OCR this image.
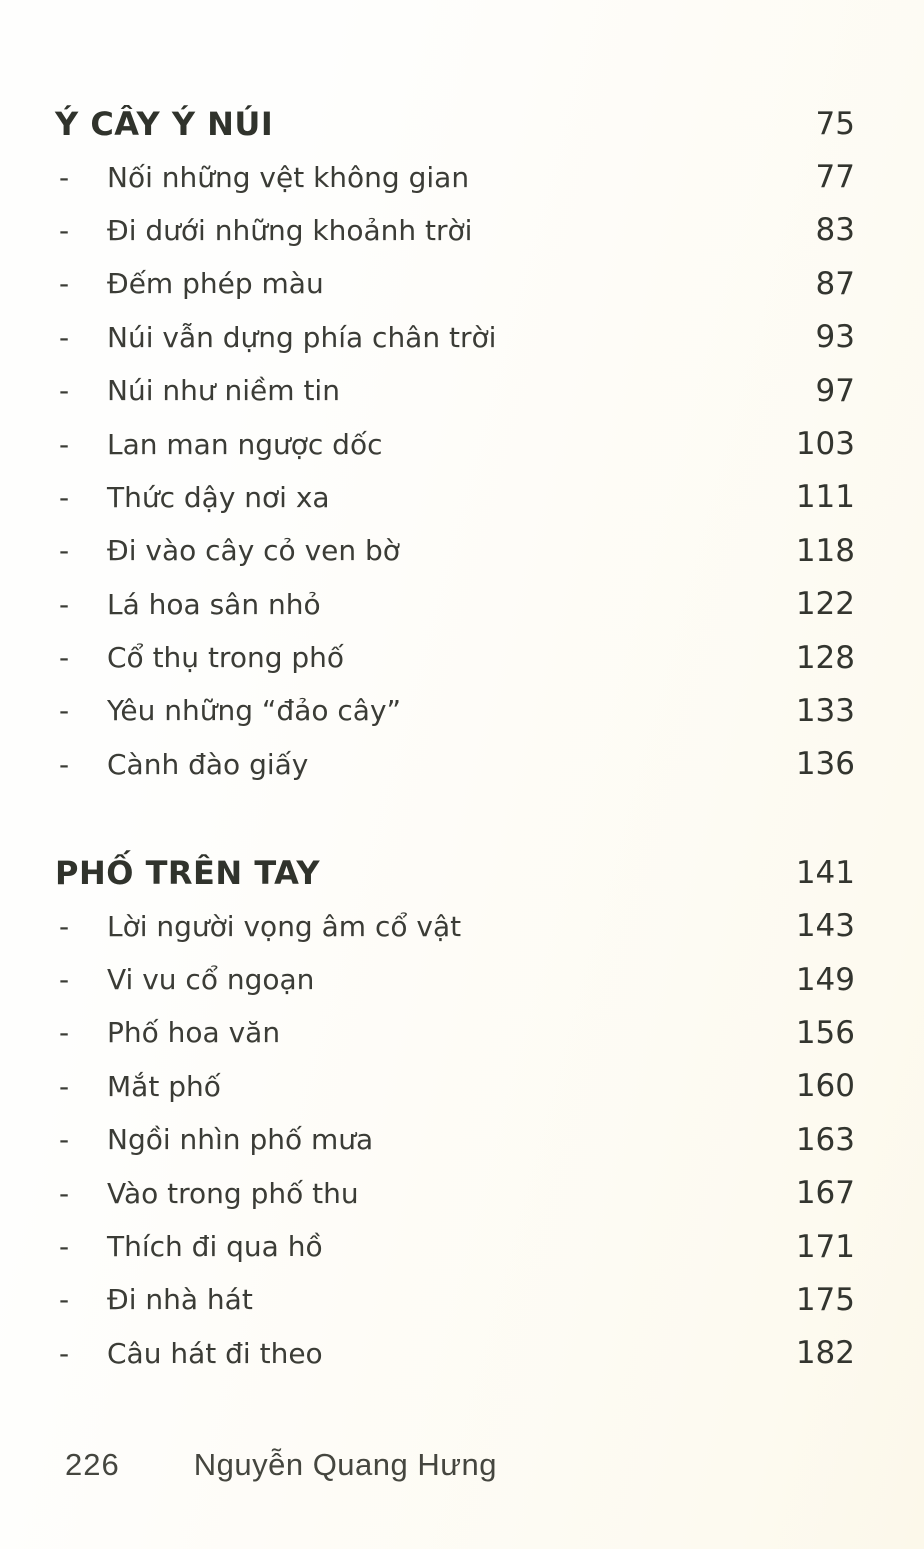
Ý CÂY Ý NÚI	75
-	Nối những vệt không gian	77
-	Đi dưới những khoảnh trời	83
-	Đếm phép màu	87
-	Núi vẫn dựng phía chân trời	93
-	Núi như niềm tin	97
-	Lan man ngược dốc	103
-	Thức dậy nơi xa	111
-	Đi vào cây cỏ ven bờ	118
-	Lá hoa sân nhỏ	122
-	Cổ thụ trong phố	128
-	Yêu những “đảo cây”	133
-	Cành đào giấy	136
PHỐ TRÊN TAY	141
-	Lời người vọng âm cổ vật	143
-	Vi vu cổ ngoạn	149
-	Phố hoa văn	156
-	Mắt phố	160
-	Ngồi nhìn phố mưa	163
-	Vào trong phố thu	167
-	Thích đi qua hồ	171
-	Đi nhà hát	175
-	Câu hát đi theo	182
226 Nguyễn Quang Hưng
